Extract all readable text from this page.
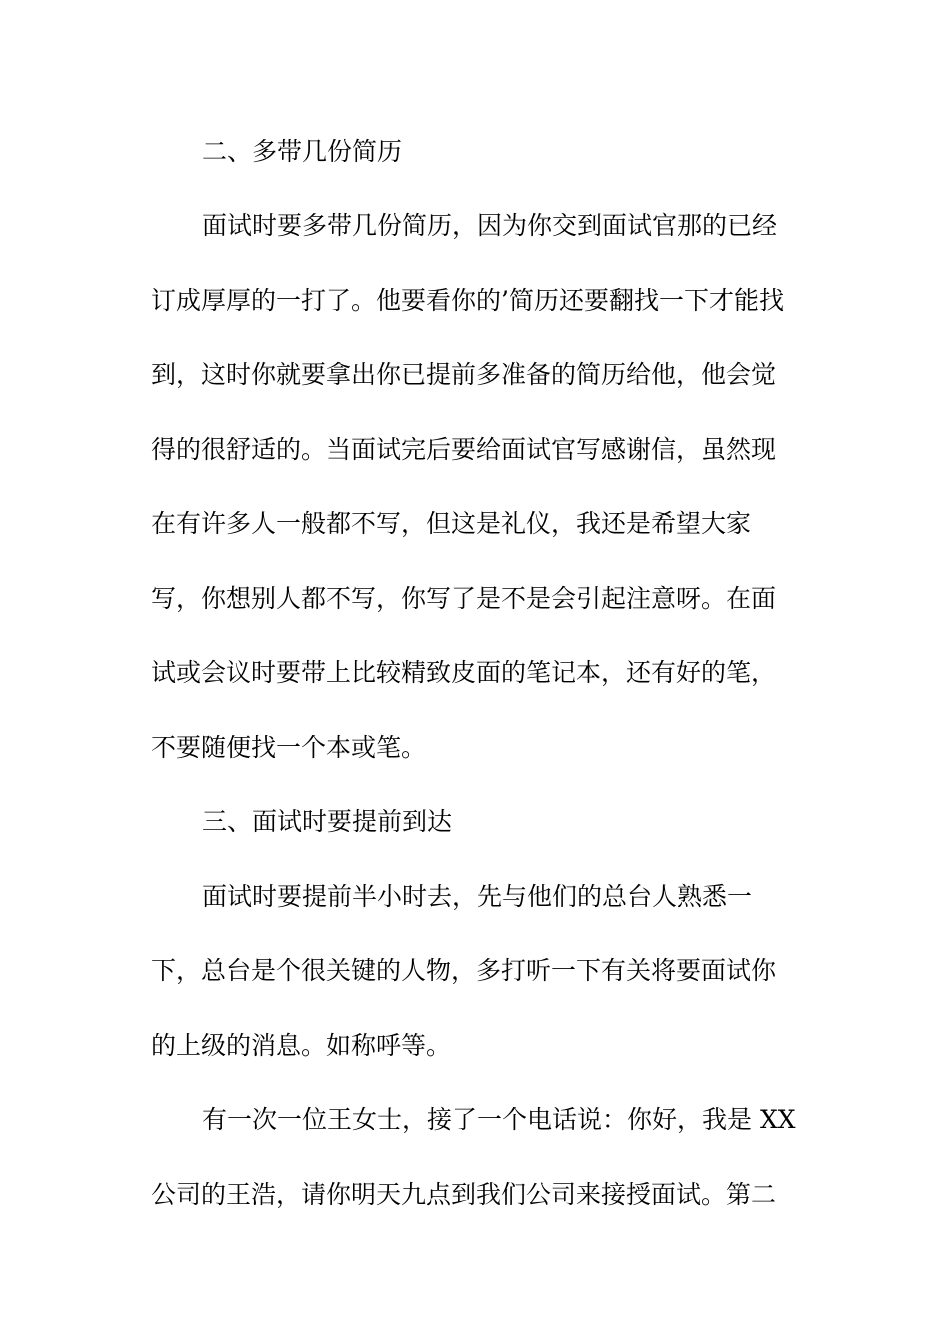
二、多带几份简历
面试时要多带几份简历，因为你交到面试官那的已经
订成厚厚的一打了。他要看你的’简历还要翻找一下才能找
到，这时你就要拿出你已提前多准备的简历给他，他会觉
得的很舒适的。当面试完后要给面试官写感谢信，虽然现
在有许多人一般都不写，但这是礼仪，我还是希望大家
写，你想别人都不写，你写了是不是会引起注意呀。在面
试或会议时要带上比较精致皮面的笔记本，还有好的笔，
不要随便找一个本或笔。
三、面试时要提前到达
面试时要提前半小时去，先与他们的总台人熟悉一
下，总台是个很关键的人物，多打听一下有关将要面试你
的上级的消息。如称呼等。
有一次一位王女士，接了一个电话说：你好，我是 XX
公司的王浩，请你明天九点到我们公司来接授面试。第二
